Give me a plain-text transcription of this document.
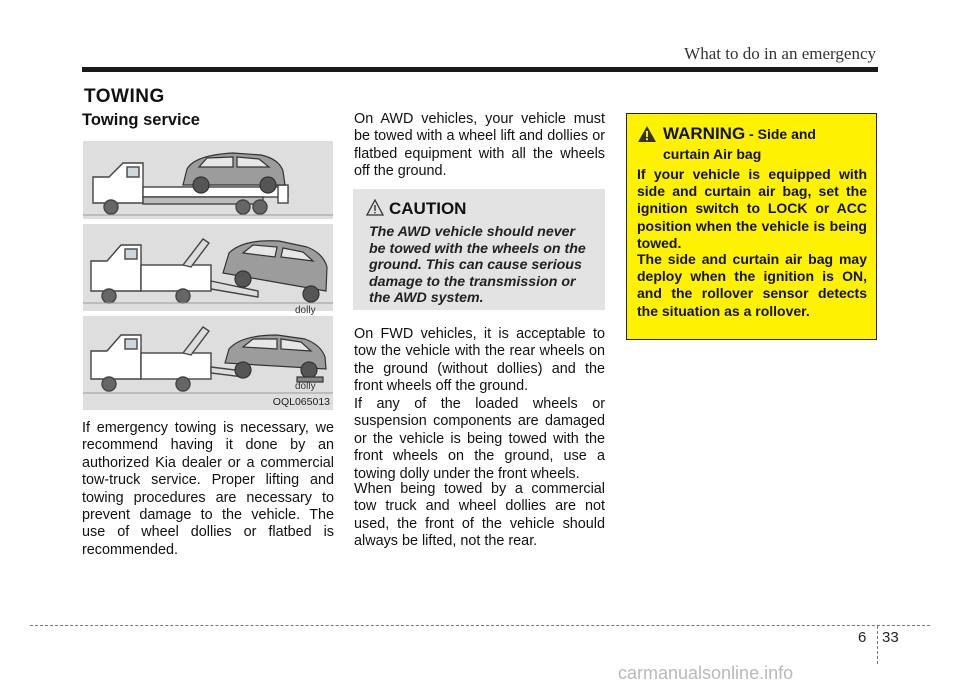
What to do in an emergency
TOWING
Towing service
dolly
dolly
OQL065013

If emergency towing is necessary, we recommend having it done by an authorized Kia dealer or a commercial tow-truck service. Proper lifting and towing procedures are necessary to prevent damage to the vehicle. The use of wheel dollies or flatbed is recommended.

On AWD vehicles, your vehicle must be towed with a wheel lift and dollies or flatbed equipment with all the wheels off the ground.

CAUTION

The AWD vehicle should never be towed with the wheels on the ground. This can cause serious damage to the transmission or the AWD system.

On FWD vehicles, it is acceptable to tow the vehicle with the rear wheels on the ground (without dollies) and the front wheels off the ground.

If any of the loaded wheels or suspension components are damaged or the vehicle is being towed with the front wheels on the ground, use a towing dolly under the front wheels.

When being towed by a commercial tow truck and wheel dollies are not used, the front of the vehicle should always be lifted, not the rear.

WARNING - Side and
curtain Air bag

If your vehicle is equipped with side and curtain air bag, set the ignition switch to LOCK or ACC position when the vehicle is being towed.

The side and curtain air bag may deploy when the ignition is ON, and the rollover sensor detects the situation as a rollover.

6 33
carmanualsonline.info
